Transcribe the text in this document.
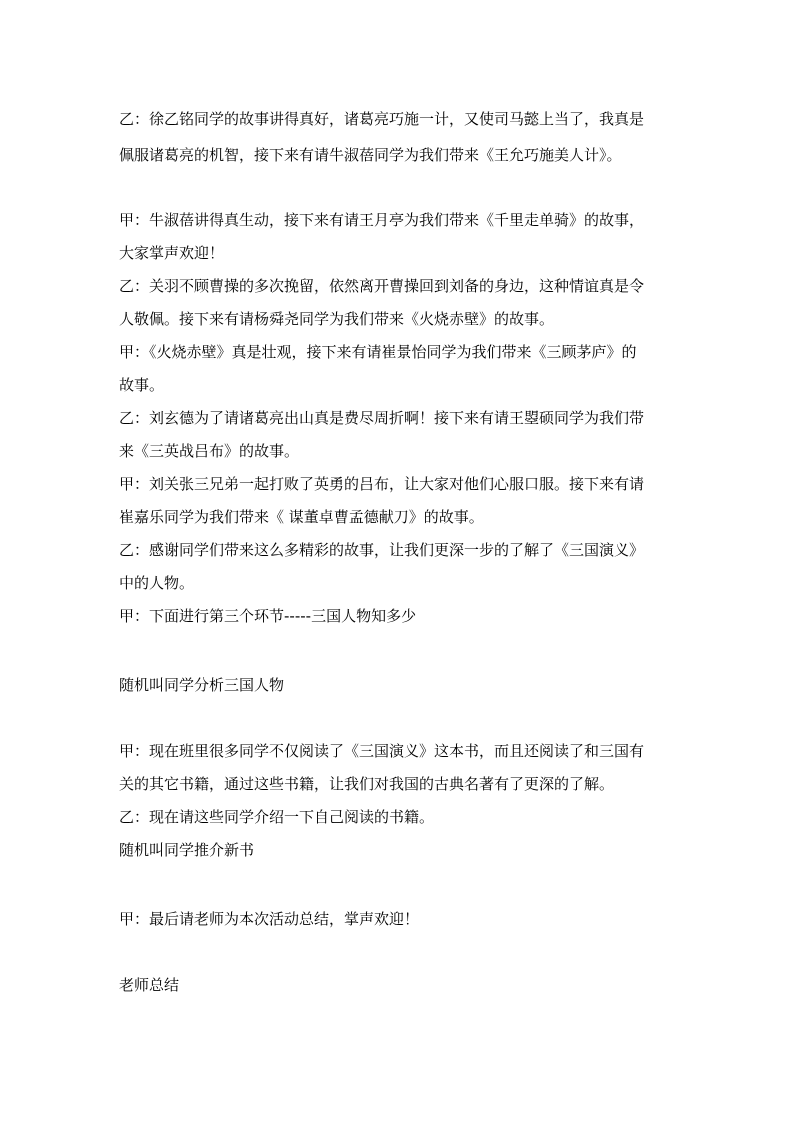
乙：徐乙铭同学的故事讲得真好，诸葛亮巧施一计，又使司马懿上当了，我真是
佩服诸葛亮的机智，接下来有请牛淑蓓同学为我们带来《王允巧施美人计》。
甲：牛淑蓓讲得真生动，接下来有请王月亭为我们带来《千里走单骑》的故事，
大家掌声欢迎！
乙：关羽不顾曹操的多次挽留，依然离开曹操回到刘备的身边，这种情谊真是令
人敬佩。接下来有请杨舜尧同学为我们带来《火烧赤壁》的故事。
甲：《火烧赤壁》真是壮观，接下来有请崔景怡同学为我们带来《三顾茅庐》的
故事。
乙：刘玄德为了请诸葛亮出山真是费尽周折啊！接下来有请王曌硕同学为我们带
来《三英战吕布》的故事。
甲：刘关张三兄弟一起打败了英勇的吕布，让大家对他们心服口服。接下来有请
崔嘉乐同学为我们带来《 谋董卓曹孟德献刀》的故事。
乙：感谢同学们带来这么多精彩的故事，让我们更深一步的了解了《三国演义》
中的人物。
甲：下面进行第三个环节-----三国人物知多少
随机叫同学分析三国人物
甲：现在班里很多同学不仅阅读了《三国演义》这本书，而且还阅读了和三国有
关的其它书籍，通过这些书籍，让我们对我国的古典名著有了更深的了解。
乙：现在请这些同学介绍一下自己阅读的书籍。
随机叫同学推介新书
甲：最后请老师为本次活动总结，掌声欢迎！
老师总结
